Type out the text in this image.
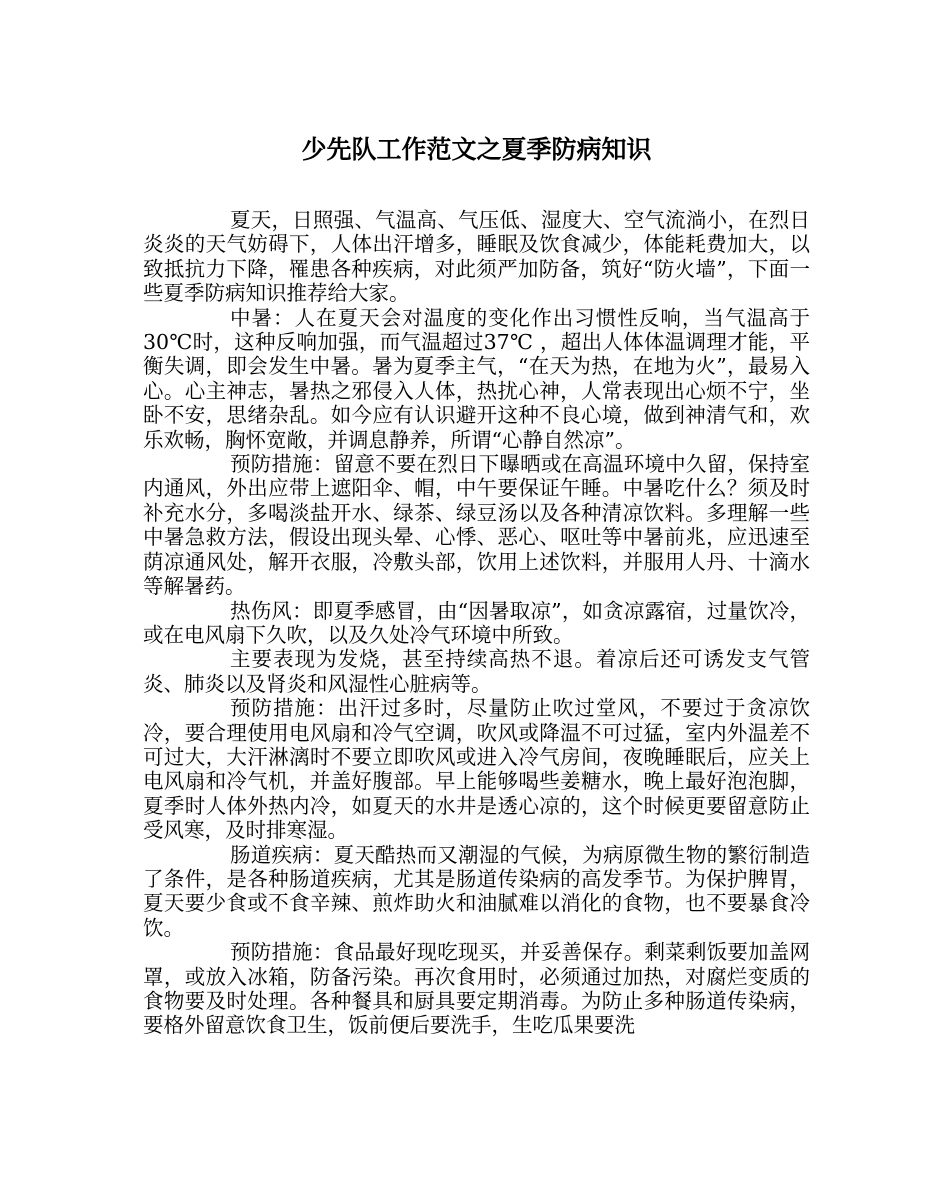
少先队工作范文之夏季防病知识

夏天，日照强、气温高、气压低、湿度大、空气流淌小，在烈日炎炎的天气妨碍下，人体出汗增多，睡眠及饮食减少，体能耗费加大，以致抵抗力下降，罹患各种疾病，对此须严加防备，筑好“防火墙”，下面一些夏季防病知识推荐给大家。

中暑：人在夏天会对温度的变化作出习惯性反响，当气温高于30℃时，这种反响加强，而气温超过37℃ ，超出人体体温调理才能，平衡失调，即会发生中暑。暑为夏季主气，“在天为热，在地为火”，最易入心。心主神志，暑热之邪侵入人体，热扰心神，人常表现出心烦不宁，坐卧不安，思绪杂乱。如今应有认识避开这种不良心境，做到神清气和，欢乐欢畅，胸怀宽敞，并调息静养，所谓“心静自然凉”。

预防措施：留意不要在烈日下曝晒或在高温环境中久留，保持室内通风，外出应带上遮阳伞、帽，中午要保证午睡。中暑吃什么？须及时补充水分，多喝淡盐开水、绿茶、绿豆汤以及各种清凉饮料。多理解一些中暑急救方法，假设出现头晕、心悸、恶心、呕吐等中暑前兆，应迅速至荫凉通风处，解开衣服，冷敷头部，饮用上述饮料，并服用人丹、十滴水等解暑药。

热伤风：即夏季感冒，由“因暑取凉”，如贪凉露宿，过量饮冷，或在电风扇下久吹，以及久处冷气环境中所致。

主要表现为发烧，甚至持续高热不退。着凉后还可诱发支气管炎、肺炎以及肾炎和风湿性心脏病等。

预防措施：出汗过多时，尽量防止吹过堂风，不要过于贪凉饮冷，要合理使用电风扇和冷气空调，吹风或降温不可过猛，室内外温差不可过大，大汗淋漓时不要立即吹风或进入冷气房间，夜晚睡眠后，应关上电风扇和冷气机，并盖好腹部。早上能够喝些姜糖水，晚上最好泡泡脚，夏季时人体外热内冷，如夏天的水井是透心凉的，这个时候更要留意防止受风寒，及时排寒湿。

肠道疾病：夏天酷热而又潮湿的气候，为病原微生物的繁衍制造了条件，是各种肠道疾病，尤其是肠道传染病的高发季节。为保护脾胃，夏天要少食或不食辛辣、煎炸助火和油腻难以消化的食物，也不要暴食冷饮。

预防措施：食品最好现吃现买，并妥善保存。剩菜剩饭要加盖网罩，或放入冰箱，防备污染。再次食用时，必须通过加热，对腐烂变质的食物要及时处理。各种餐具和厨具要定期消毒。为防止多种肠道传染病，要格外留意饮食卫生，饭前便后要洗手，生吃瓜果要洗
